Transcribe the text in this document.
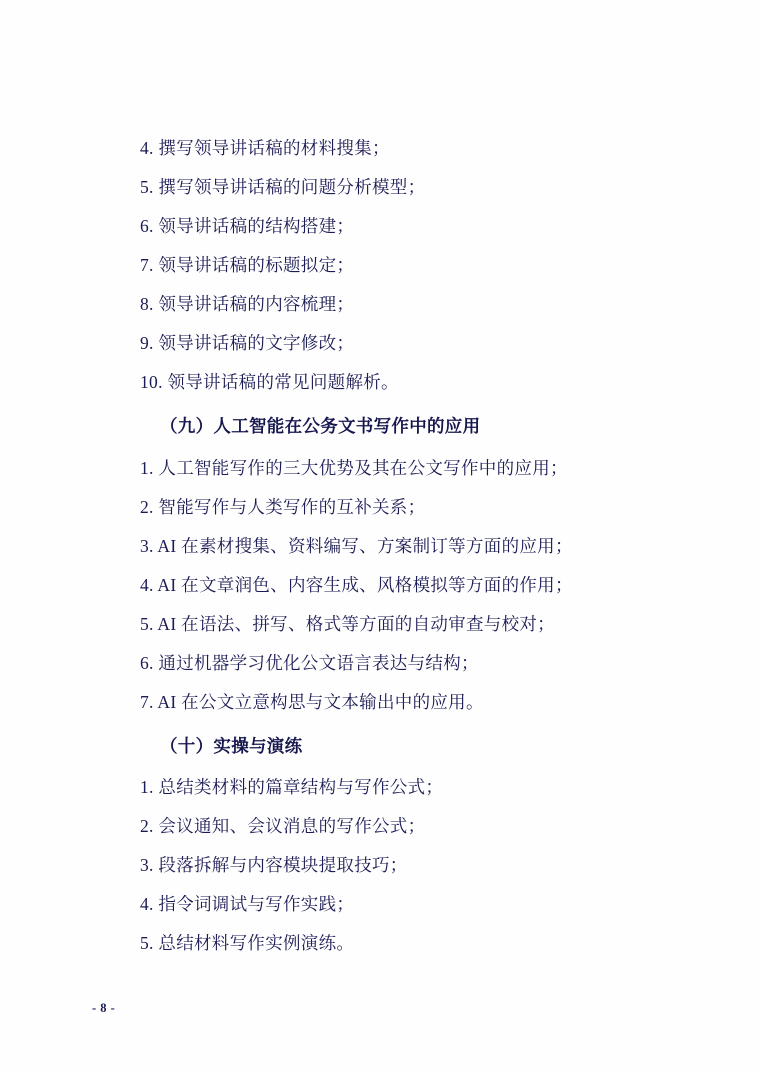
4. 撰写领导讲话稿的材料搜集；

5. 撰写领导讲话稿的问题分析模型；

6. 领导讲话稿的结构搭建；

7. 领导讲话稿的标题拟定；

8. 领导讲话稿的内容梳理；

9. 领导讲话稿的文字修改；

10. 领导讲话稿的常见问题解析。

（九）人工智能在公务文书写作中的应用

1. 人工智能写作的三大优势及其在公文写作中的应用；

2. 智能写作与人类写作的互补关系；

3. AI 在素材搜集、资料编写、方案制订等方面的应用；

4. AI 在文章润色、内容生成、风格模拟等方面的作用；

5. AI 在语法、拼写、格式等方面的自动审查与校对；

6. 通过机器学习优化公文语言表达与结构；

7. AI 在公文立意构思与文本输出中的应用。

（十）实操与演练

1. 总结类材料的篇章结构与写作公式；

2. 会议通知、会议消息的写作公式；

3. 段落拆解与内容模块提取技巧；

4. 指令词调试与写作实践；

5. 总结材料写作实例演练。

- 8 -
